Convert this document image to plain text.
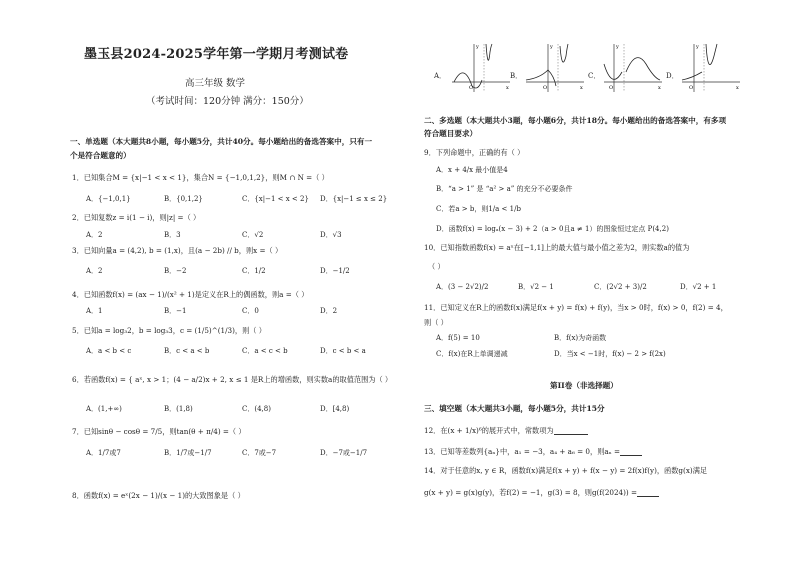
墨玉县2024-2025学年第一学期月考测试卷
高三年级 数学
（考试时间：120分钟 满分：150分）
一、单选题（本大题共8小题，每小题5分，共计40分。每小题给出的备选答案中，只有一
个是符合题意的）
1．已知集合M = {x|−1 < x < 1}，集合N = {−1,0,1,2}，则M ∩ N =（ ）
A．{−1,0,1}	B．{0,1,2}	C．{x|−1 < x < 2} D．{x|−1 ≤ x ≤ 2}
2．已知复数z = i(1 − i)，则|z| =（ ）
A．2	B．3	C．√2	D．√3
3．已知向量a = (4,2), b = (1,x)，且(a − 2b) // b，则x =（ ）
A．2	B．−2	C．1/2	D．−1/2
4．已知函数f(x) = (ax − 1)/(x² + 1)是定义在R上的偶函数，则a =（ ）
A．1	B．−1	C．0	D．2
5．已知a = log₃2，b = log₃3，c = (1/5)^(1/3)，则（ ）
A．a < b < c	B．c < a < b	C．a < c < b	D．c < b < a
6．若函数f(x) = { aˣ, x > 1；(4 − a/2)x + 2, x ≤ 1 是R上的增函数，则实数a的取值范围为（ ）
A．(1,+∞)	B．(1,8)	C．(4,8)	D．[4,8)
7．已知sinθ − cosθ = 7/5，则tan(θ + π/4) =（ ）
A．1/7或7	B．1/7或−1/7	C．7或−7	D．−7或−1/7
8．函数f(x) = eˣ(2x − 1)/(x − 1)的大致图象是（ ）
A．
y
x
O
B．
y
x
O
C．
y
x
O
D．
y
x
O
二、多选题（本大题共小3题，每小题6分，共计18分。每小题给出的备选答案中，有多项
符合题目要求）
9．下列命题中，正确的有（ ）
A．x + 4/x 最小值是4
B．“a > 1” 是 “a² > a” 的充分不必要条件
C．若a > b，则1/a < 1/b
D．函数f(x) = logₐ(x − 3) + 2（a > 0且a ≠ 1）的图象恒过定点 P(4,2)
10．已知指数函数f(x) = aˣ在[−1,1]上的最大值与最小值之差为2，则实数a的值为
（ ）
A．(3 − 2√2)/2	B．√2 − 1	C．(2√2 + 3)/2	D．√2 + 1
11．已知定义在R上的函数f(x)满足f(x + y) = f(x) + f(y)，当x > 0时，f(x) > 0，f(2) = 4，
则（ ）
A．f(5) = 10	B．f(x)为奇函数
C．f(x)在R上单调递减	D．当x < −1时，f(x) − 2 > f(2x)
第II卷（非选择题）
三、填空题（本大题共3小题，每小题5分，共计15分
12．在(x + 1/x)⁶的展开式中，常数项为
13．已知等差数列{aₙ}中，a₁ = −3，a₄ + a₆ = 0，则aₙ =
14．对于任意的x, y ∈ R，函数f(x)满足f(x + y) + f(x − y) = 2f(x)f(y)，函数g(x)满足
g(x + y) = g(x)g(y)，若f(2) = −1，g(3) = 8，则g(f(2024)) =
